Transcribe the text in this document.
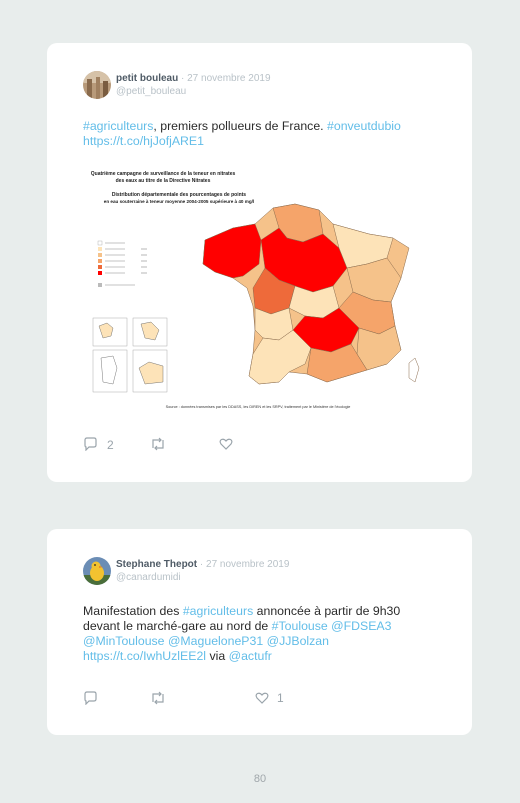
petit bouleau · 27 novembre 2019
@petit_bouleau
#agriculteurs, premiers pollueurs de France. #onveutdubio
https://t.co/hjJofjARE1
Quatrième campagne de surveillance de la teneur en nitrates
des eaux au titre de la Directive Nitrates
Distribution départementale des pourcentages de points
en eau souterraine à teneur moyenne 2004-2005 supérieure à 40 mg/l
Source : données transmises par les DDASS, les DIREN et les SRPV, traitement par le Ministère de l'écologie
2
Stephane Thepot · 27 novembre 2019
@canardumidi
Manifestation des #agriculteurs annoncée à partir de 9h30
devant le marché-gare au nord de #Toulouse @FDSEA3
@MinToulouse @MagueloneP31 @JJBolzan
https://t.co/IwhUzlEE2l via @actufr
1
80
